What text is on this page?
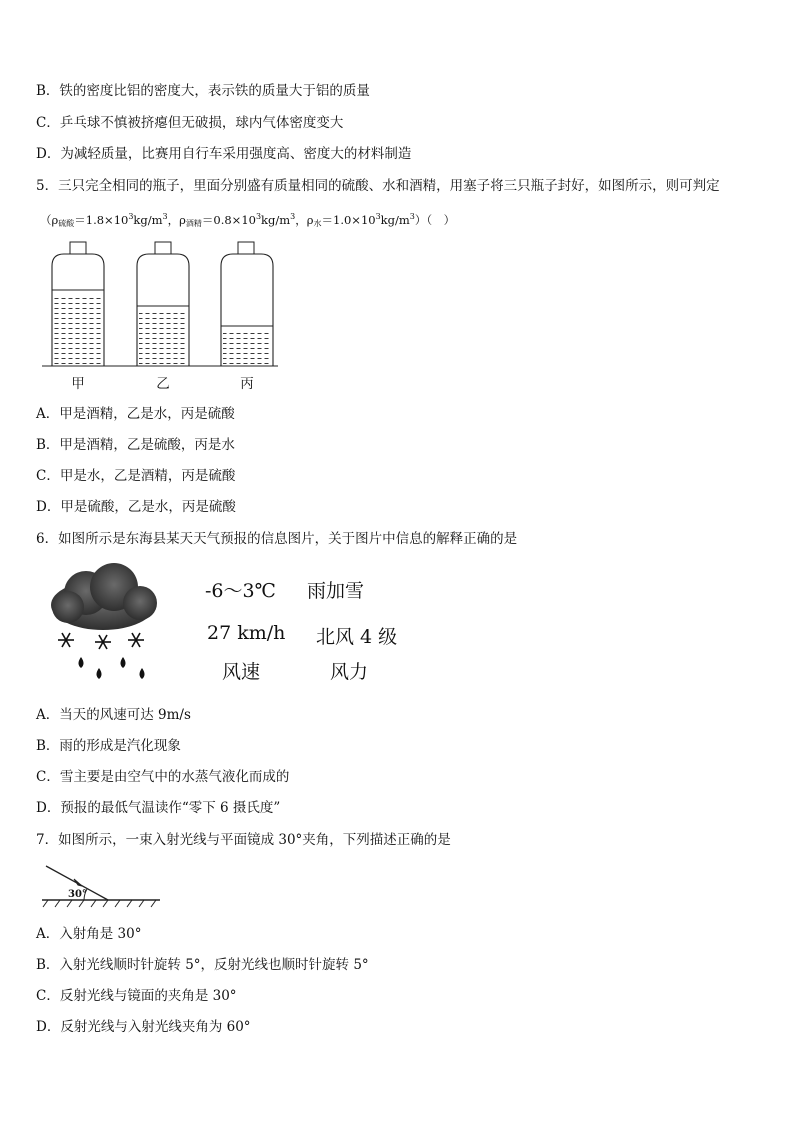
B．铁的密度比铝的密度大，表示铁的质量大于铝的质量
C．乒乓球不慎被挤瘪但无破损，球内气体密度变大
D．为减轻质量，比赛用自行车采用强度高、密度大的材料制造
5．三只完全相同的瓶子，里面分别盛有质量相同的硫酸、水和酒精，用塞子将三只瓶子封好，如图所示，则可判定
（$\rho_{硫酸}=1.8\times 10^3kg/m^3$，$\rho_{酒精}=0.8\times 10^3kg/m^3$，$\rho_水=1.0\times 10^3kg/m^3$）（　）
甲	乙	丙
A．甲是酒精，乙是水，丙是硫酸
B．甲是酒精，乙是硫酸，丙是水
C．甲是水，乙是酒精，丙是硫酸
D．甲是硫酸，乙是水，丙是硫酸
6．如图所示是东海县某天天气预报的信息图片，关于图片中信息的解释正确的是
-6～3℃ 雨加雪
27 km/h 北风 4 级
风速	风力
A．当天的风速可达 9m/s
B．雨的形成是汽化现象
C．雪主要是由空气中的水蒸气液化而成的
D．预报的最低气温读作“零下 6 摄氏度”
7．如图所示，一束入射光线与平面镜成 30°夹角，下列描述正确的是
30°
A．入射角是 30°
B．入射光线顺时针旋转 5°，反射光线也顺时针旋转 5°
C．反射光线与镜面的夹角是 30°
D．反射光线与入射光线夹角为 60°
